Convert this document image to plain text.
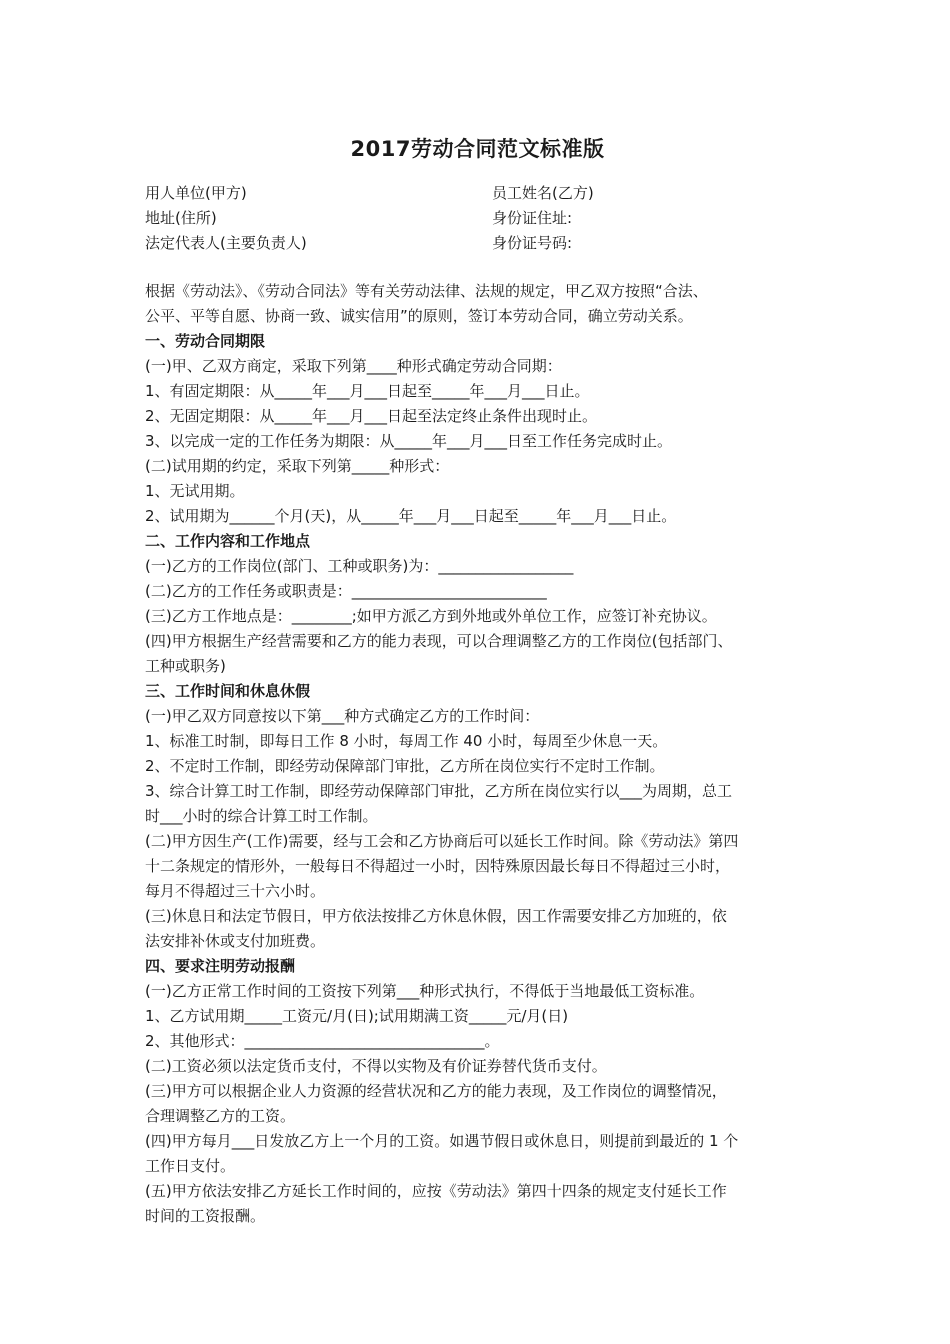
2017劳动合同范文标准版
用人单位(甲方)	员工姓名(乙方)
地址(住所)	身份证住址:
法定代表人(主要负责人)	身份证号码:

根据《劳动法》、《劳动合同法》等有关劳动法律、法规的规定，甲乙双方按照“合法、

公平、平等自愿、协商一致、诚实信用”的原则，签订本劳动合同，确立劳动关系。

一、劳动合同期限

(一)甲、乙双方商定，采取下列第____种形式确定劳动合同期：

1、有固定期限：从_____年___月___日起至_____年___月___日止。

2、无固定期限：从_____年___月___日起至法定终止条件出现时止。

3、以完成一定的工作任务为期限：从_____年___月___日至工作任务完成时止。

(二)试用期的约定，采取下列第_____种形式：

1、无试用期。

2、试用期为______个月(天)，从_____年___月___日起至_____年___月___日止。

二、工作内容和工作地点

(一)乙方的工作岗位(部门、工种或职务)为：__________________

(二)乙方的工作任务或职责是：__________________________

(三)乙方工作地点是：________;如甲方派乙方到外地或外单位工作，应签订补充协议。

(四)甲方根据生产经营需要和乙方的能力表现，可以合理调整乙方的工作岗位(包括部门、

工种或职务)

三、工作时间和休息休假

(一)甲乙双方同意按以下第___种方式确定乙方的工作时间：

1、标准工时制，即每日工作 8 小时，每周工作 40 小时，每周至少休息一天。

2、不定时工作制，即经劳动保障部门审批，乙方所在岗位实行不定时工作制。

3、综合计算工时工作制，即经劳动保障部门审批，乙方所在岗位实行以___为周期，总工

时___小时的综合计算工时工作制。

(二)甲方因生产(工作)需要，经与工会和乙方协商后可以延长工作时间。除《劳动法》第四

十二条规定的情形外，一般每日不得超过一小时，因特殊原因最长每日不得超过三小时，

每月不得超过三十六小时。

(三)休息日和法定节假日，甲方依法按排乙方休息休假，因工作需要安排乙方加班的，依

法安排补休或支付加班费。

四、要求注明劳动报酬

(一)乙方正常工作时间的工资按下列第___种形式执行，不得低于当地最低工资标准。

1、乙方试用期_____工资元/月(日);试用期满工资_____元/月(日)

2、其他形式：________________________________。

(二)工资必须以法定货币支付，不得以实物及有价证券替代货币支付。

(三)甲方可以根据企业人力资源的经营状况和乙方的能力表现，及工作岗位的调整情况，

合理调整乙方的工资。

(四)甲方每月___日发放乙方上一个月的工资。如遇节假日或休息日，则提前到最近的 1 个

工作日支付。

(五)甲方依法安排乙方延长工作时间的，应按《劳动法》第四十四条的规定支付延长工作

时间的工资报酬。
